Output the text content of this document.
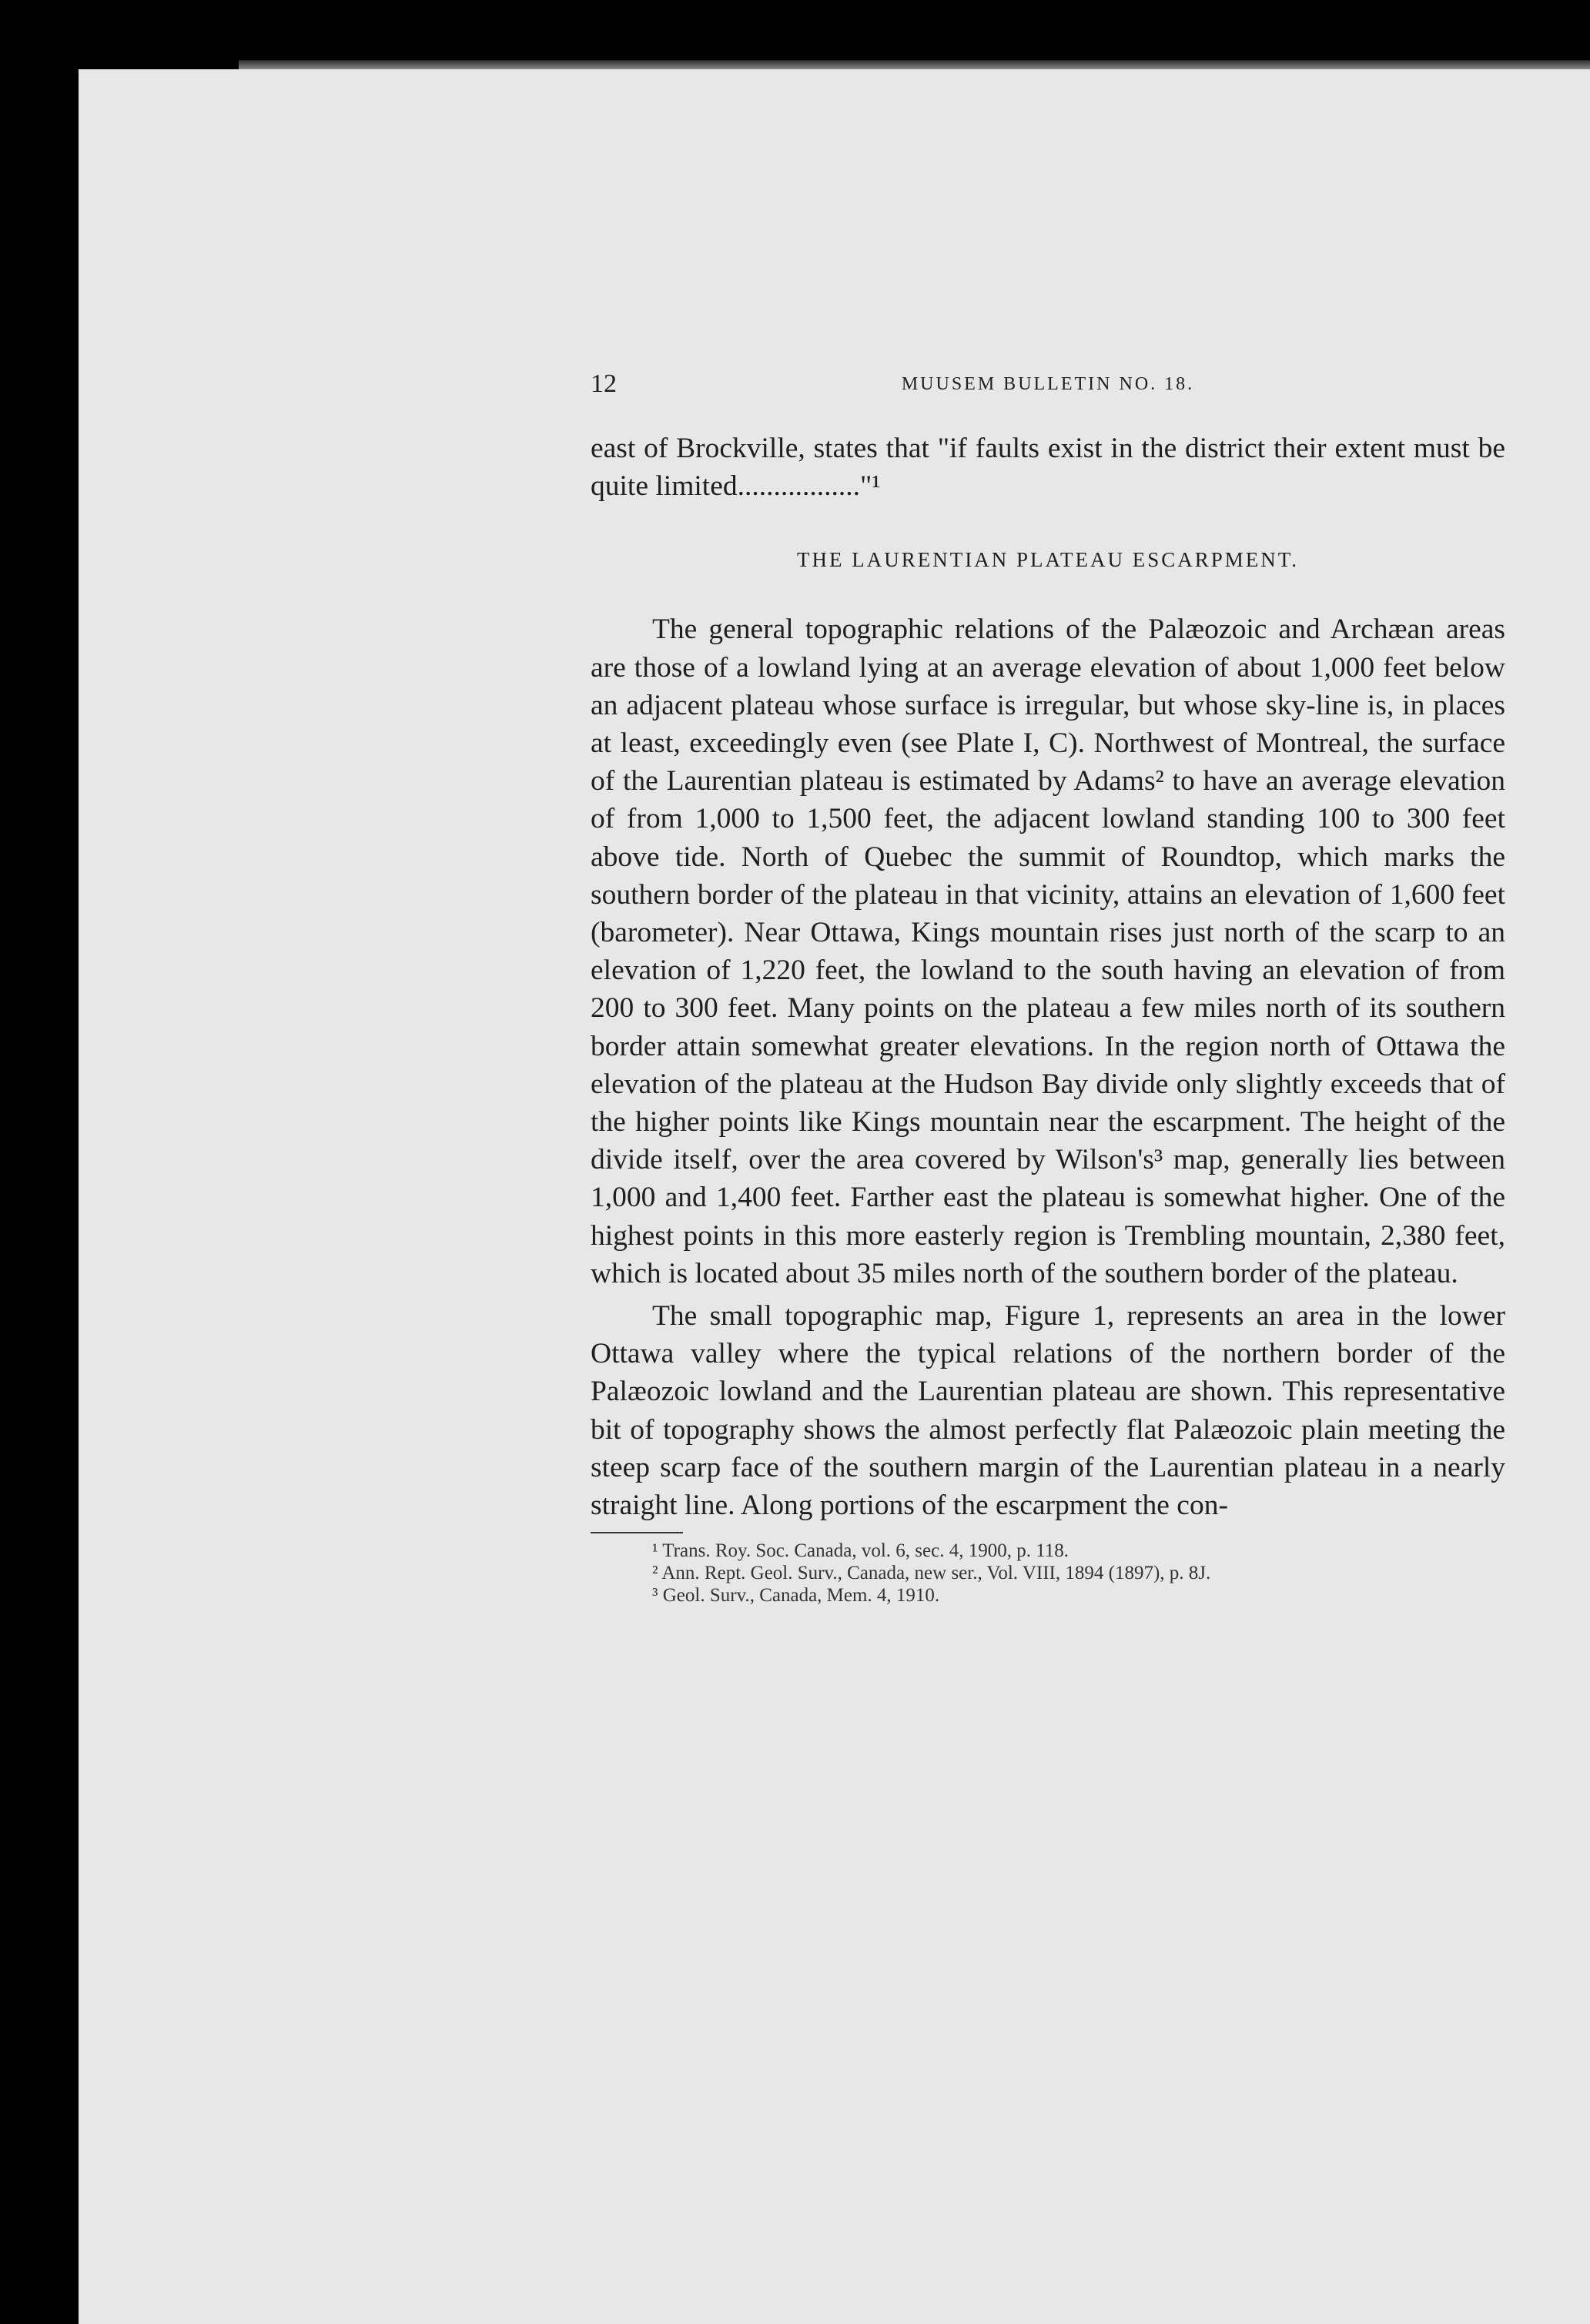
12	MUUSEM BULLETIN NO. 18.

east of Brockville, states that "if faults exist in the district their extent must be quite limited................."¹

THE LAURENTIAN PLATEAU ESCARPMENT.

The general topographic relations of the Palæozoic and Archæan areas are those of a lowland lying at an average elevation of about 1,000 feet below an adjacent plateau whose surface is irregular, but whose sky-line is, in places at least, exceedingly even (see Plate I, C). Northwest of Montreal, the surface of the Laurentian plateau is estimated by Adams² to have an average elevation of from 1,000 to 1,500 feet, the adjacent lowland standing 100 to 300 feet above tide. North of Quebec the summit of Roundtop, which marks the southern border of the plateau in that vicinity, attains an elevation of 1,600 feet (barometer). Near Ottawa, Kings mountain rises just north of the scarp to an elevation of 1,220 feet, the lowland to the south having an elevation of from 200 to 300 feet. Many points on the plateau a few miles north of its southern border attain somewhat greater elevations. In the region north of Ottawa the elevation of the plateau at the Hudson Bay divide only slightly exceeds that of the higher points like Kings mountain near the escarpment. The height of the divide itself, over the area covered by Wilson's³ map, generally lies between 1,000 and 1,400 feet. Farther east the plateau is somewhat higher. One of the highest points in this more easterly region is Trembling mountain, 2,380 feet, which is located about 35 miles north of the southern border of the plateau.

The small topographic map, Figure 1, represents an area in the lower Ottawa valley where the typical relations of the northern border of the Palæozoic lowland and the Laurentian plateau are shown. This representative bit of topography shows the almost perfectly flat Palæozoic plain meeting the steep scarp face of the southern margin of the Laurentian plateau in a nearly straight line. Along portions of the escarpment the con-

¹ Trans. Roy. Soc. Canada, vol. 6, sec. 4, 1900, p. 118.
² Ann. Rept. Geol. Surv., Canada, new ser., Vol. VIII, 1894 (1897), p. 8J.
³ Geol. Surv., Canada, Mem. 4, 1910.
